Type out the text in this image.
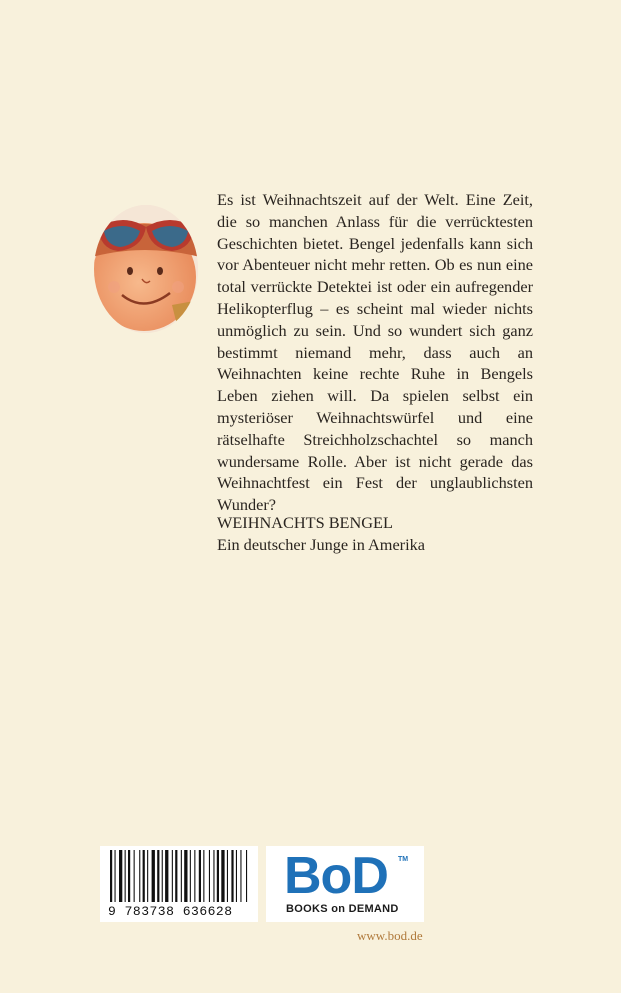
Es ist Weihnachtszeit auf der Welt. Eine Zeit, die so manchen Anlass für die verrücktesten Geschichten bietet. Bengel jedenfalls kann sich vor Abenteuer nicht mehr retten. Ob es nun eine total verrückte Detektei ist oder ein aufregender Helikopterflug – es scheint mal wieder nichts unmöglich zu sein. Und so wundert sich ganz bestimmt niemand mehr, dass auch an Weihnachten keine rechte Ruhe in Bengels Leben ziehen will. Da spielen selbst ein mysteriöser Weihnachtswürfel und eine rätselhafte Streichholzschachtel so manch wundersame Rolle. Aber ist nicht gerade das Weihnachtfest ein Fest der unglaublichsten Wunder?

WEIHNACHTS BENGEL
Ein deutscher Junge in Amerika
9 783738 636628
BoD TM
BOOKS on DEMAND
www.bod.de
